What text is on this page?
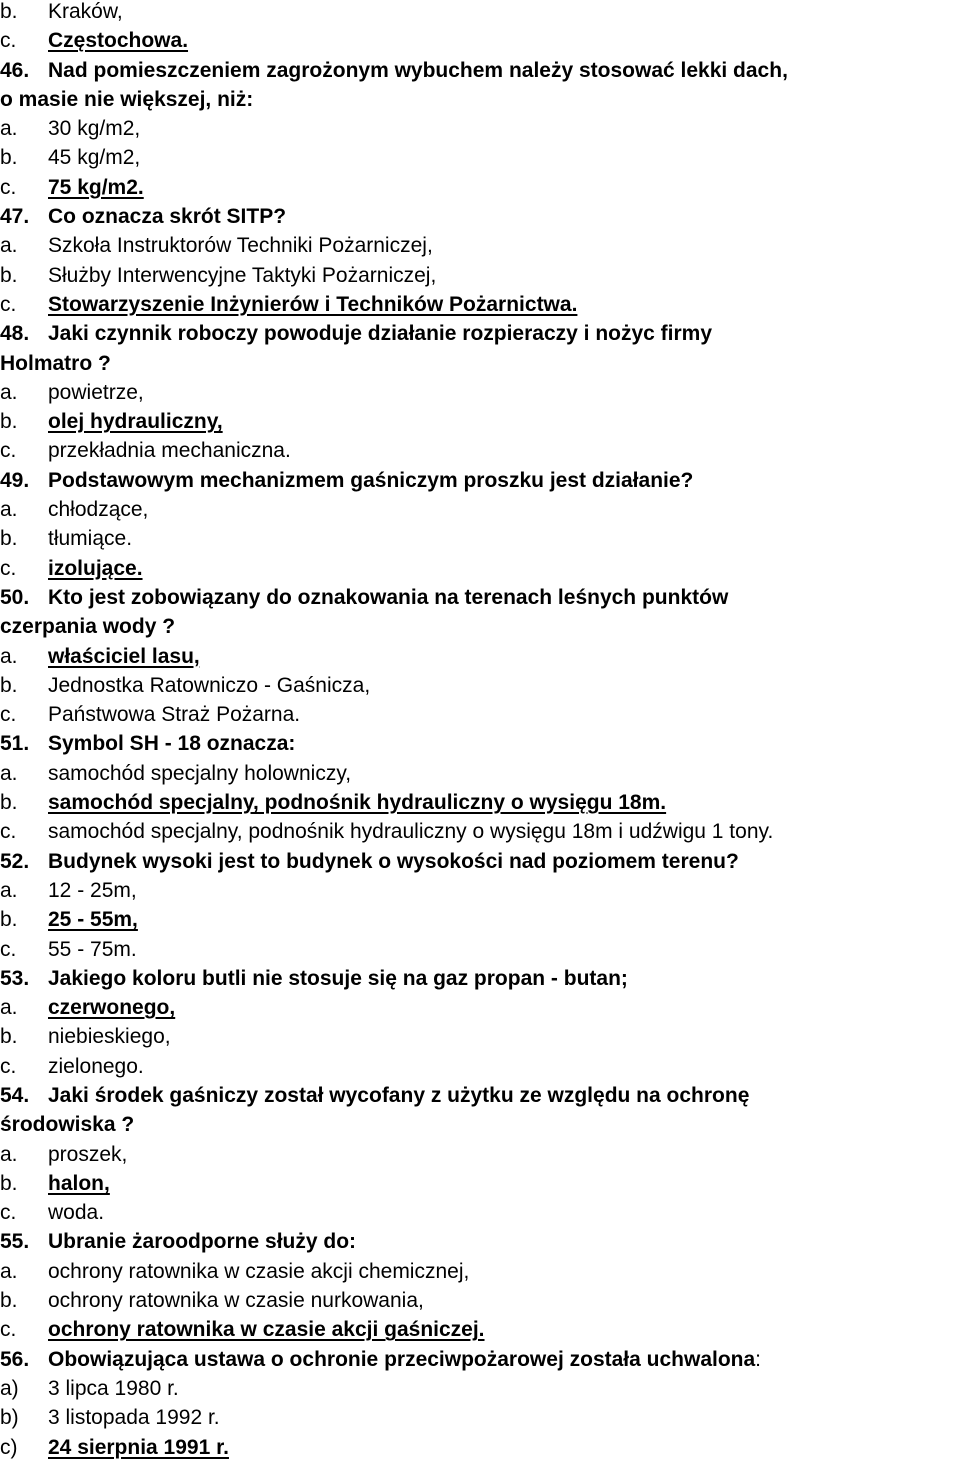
b. Kraków,
c. Częstochowa.
46. Nad pomieszczeniem zagrożonym wybuchem należy stosować lekki dach,
o masie nie większej, niż:
a. 30 kg/m2,
b. 45 kg/m2,
c. 75 kg/m2.
47. Co oznacza skrót SITP?
a. Szkoła Instruktorów Techniki Pożarniczej,
b. Służby Interwencyjne Taktyki Pożarniczej,
c. Stowarzyszenie Inżynierów i Techników Pożarnictwa.
48. Jaki czynnik roboczy powoduje działanie rozpieraczy i nożyc firmy
Holmatro ?
a. powietrze,
b. olej hydrauliczny,
c. przekładnia mechaniczna.
49. Podstawowym mechanizmem gaśniczym proszku jest działanie?
a. chłodzące,
b. tłumiące.
c. izolujące.
50. Kto jest zobowiązany do oznakowania na terenach leśnych punktów
czerpania wody ?
a. właściciel lasu,
b. Jednostka Ratowniczo - Gaśnicza,
c. Państwowa Straż Pożarna.
51. Symbol SH - 18 oznacza:
a. samochód specjalny holowniczy,
b. samochód specjalny, podnośnik hydrauliczny o wysięgu 18m.
c. samochód specjalny, podnośnik hydrauliczny o wysięgu 18m i udźwigu 1 tony.
52. Budynek wysoki jest to budynek o wysokości nad poziomem terenu?
a. 12 - 25m,
b. 25 - 55m,
c. 55 - 75m.
53. Jakiego koloru butli nie stosuje się na gaz propan - butan;
a. czerwonego,
b. niebieskiego,
c. zielonego.
54. Jaki środek gaśniczy został wycofany z użytku ze względu na ochronę
środowiska ?
a. proszek,
b. halon,
c. woda.
55. Ubranie żaroodporne służy do:
a. ochrony ratownika w czasie akcji chemicznej,
b. ochrony ratownika w czasie nurkowania,
c. ochrony ratownika w czasie akcji gaśniczej.
56. Obowiązująca ustawa o ochronie przeciwpożarowej została uchwalona:
a) 3 lipca 1980 r.
b) 3 listopada 1992 r.
c) 24 sierpnia 1991 r.
